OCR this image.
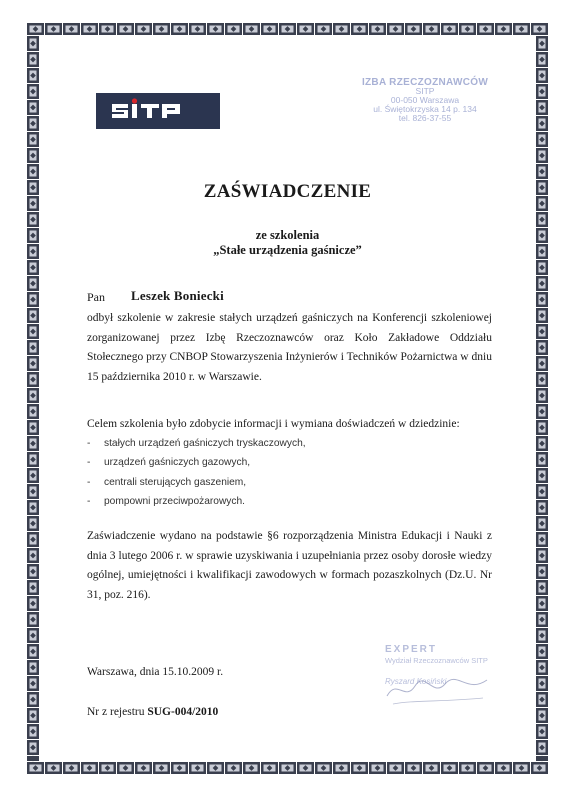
IZBA RZECZOZNAWCÓW
SITP
00-050 Warszawa
ul. Świętokrzyska 14 p. 134
tel. 826-37-55
ZAŚWIADCZENIE
ze szkolenia
„Stałe urządzenia gaśnicze”
Pan Leszek Boniecki
odbył szkolenie w zakresie stałych urządzeń gaśniczych na Konferencji szkoleniowej zorganizowanej przez Izbę Rzeczoznawców oraz Koło Zakładowe Oddziału Stołecznego przy CNBOP Stowarzyszenia Inżynierów i Techników Pożarnictwa w dniu 15 października 2010 r. w Warszawie.
Celem szkolenia było zdobycie informacji i wymiana doświadczeń w dziedzinie:
- stałych urządzeń gaśniczych tryskaczowych,
- urządzeń gaśniczych gazowych,
- centrali sterujących gaszeniem,
- pompowni przeciwpożarowych.
Zaświadczenie wydano na podstawie §6 rozporządzenia Ministra Edukacji i Nauki z dnia 3 lutego 2006 r. w sprawie uzyskiwania i uzupełniania przez osoby dorosłe wiedzy ogólnej, umiejętności i kwalifikacji zawodowych w formach pozaszkolnych (Dz.U. Nr 31, poz. 216).
EXPERT
Wydział Rzeczoznawców SITP
Ryszard Kosiński
Warszawa, dnia 15.10.2009 r.
Nr z rejestru SUG-004/2010
